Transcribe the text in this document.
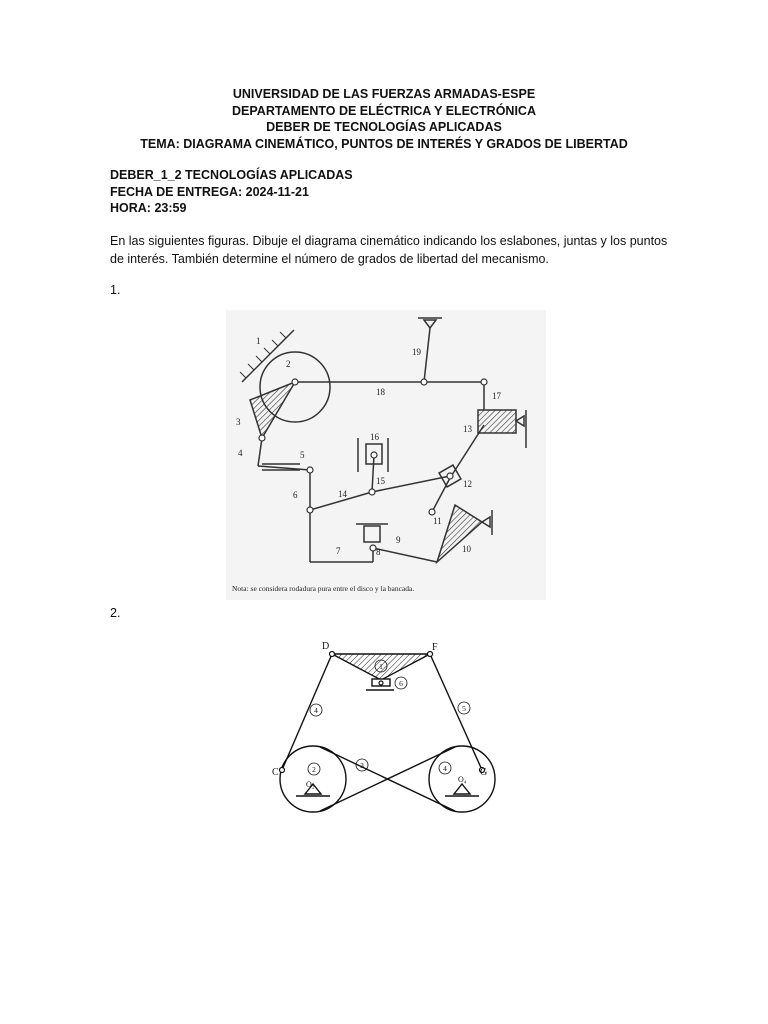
UNIVERSIDAD DE LAS FUERZAS ARMADAS-ESPE
DEPARTAMENTO DE ELÉCTRICA Y ELECTRÓNICA
DEBER DE TECNOLOGÍAS APLICADAS
TEMA: DIAGRAMA CINEMÁTICO, PUNTOS DE INTERÉS Y GRADOS DE LIBERTAD
DEBER_1_2 TECNOLOGÍAS APLICADAS
FECHA DE ENTREGA: 2024-11-21
HORA: 23:59
En las siguientes figuras. Dibuje el diagrama cinemático indicando los eslabones, juntas y los puntos de interés. También determine el número de grados de libertad del mecanismo.
1.
2.
1
2
3
4	5
6
7	8
9
10
11
12
13
14
15
16
17
18
19
Nota: se considera rodadura pura entre el disco y la bancada.
D	F
C	G
O₂
O₄
1
2	3
4	5
6
4
